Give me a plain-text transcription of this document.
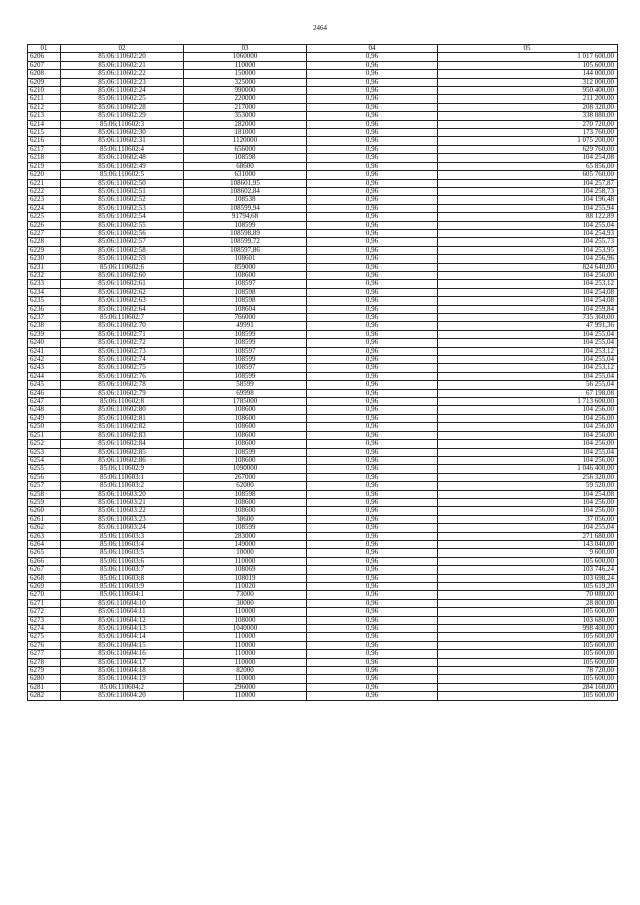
2464
01	02	03	04	05
6206	85:06:110602:20	1060000	0,96	1 017 600,00
6207	85:06:110602:21	110000	0,96	105 600,00
6208	85:06:110602:22	150000	0,96	144 000,00
6209	85:06:110602:23	325000	0,96	312 000,00
6210	85:06:110602:24	990000	0,96	950 400,00
6211	85:06:110602:25	220000	0,96	211 200,00
6212	85:06:110602:28	217000	0,96	208 320,00
6213	85:06:110602:29	353000	0,96	338 880,00
6214	85:06:110602:3	282000	0,96	270 720,00
6215	85:06:110602:30	181000	0,96	173 760,00
6216	85:06:110602:31	1120000	0,96	1 075 200,00
6217	85:06:110602:4	656000	0,96	629 760,00
6218	85:06:110602:48	108598	0,96	104 254,08
6219	85:06:110602:49	68600	0,96	65 856,00
6220	85:06:110602:5	631000	0,96	605 760,00
6221	85:06:110602:50	108601,95	0,96	104 257,87
6222	85:06:110602:51	108602,84	0,96	104 258,73
6223	85:06:110602:52	108538	0,96	104 196,48
6224	85:06:110602:53	108599,94	0,96	104 255,94
6225	85:06:110602:54	91794,68	0,96	88 122,89
6226	85:06:110602:55	108599	0,96	104 255,04
6227	85:06:110602:56	108598,89	0,96	104 254,93
6228	85:06:110602:57	108599,72	0,96	104 255,73
6229	85:06:110602:58	108597,86	0,96	104 253,95
6230	85:06:110602:59	108601	0,96	104 256,96
6231	85:06:110602:6	859000	0,96	824 640,00
6232	85:06:110602:60	108600	0,96	104 256,00
6233	85:06:110602:61	108597	0,96	104 253,12
6234	85:06:110602:62	108598	0,96	104 254,08
6235	85:06:110602:63	108598	0,96	104 254,08
6236	85:06:110602:64	108604	0,96	104 259,84
6237	85:06:110602:7	766000	0,96	735 360,00
6238	85:06:110602:70	49991	0,96	47 991,36
6239	85:06:110602:71	108599	0,96	104 255,04
6240	85:06:110602:72	108599	0,96	104 255,04
6241	85:06:110602:73	108597	0,96	104 253,12
6242	85:06:110602:74	108599	0,96	104 255,04
6243	85:06:110602:75	108597	0,96	104 253,12
6244	85:06:110602:76	108599	0,96	104 255,04
6245	85:06:110602:78	58599	0,96	56 255,04
6246	85:06:110602:79	69998	0,96	67 198,08
6247	85:06:110602:8	1785000	0,96	1 713 600,00
6248	85:06:110602:80	108600	0,96	104 256,00
6249	85:06:110602:81	108600	0,96	104 256,00
6250	85:06:110602:82	108600	0,96	104 256,00
6251	85:06:110602:83	108600	0,96	104 256,00
6252	85:06:110602:84	108600	0,96	104 256,00
6253	85:06:110602:85	108599	0,96	104 255,04
6254	85:06:110602:86	108600	0,96	104 256,00
6255	85:06:110602:9	1090000	0,96	1 046 400,00
6256	85:06:110603:1	267000	0,96	256 320,00
6257	85:06:110603:2	62000	0,96	59 520,00
6258	85:06:110603:20	108598	0,96	104 254,08
6259	85:06:110603:21	108600	0,96	104 256,00
6260	85:06:110603:22	108600	0,96	104 256,00
6261	85:06:110603:23	38600	0,96	37 056,00
6262	85:06:110603:24	108599	0,96	104 255,04
6263	85:06:110603:3	283000	0,96	271 680,00
6264	85:06:110603:4	149000	0,96	143 040,00
6265	85:06:110603:5	10000	0,96	9 600,00
6266	85:06:110603:6	110000	0,96	105 600,00
6267	85:06:110603:7	108069	0,96	103 746,24
6268	85:06:110603:8	108019	0,96	103 698,24
6269	85:06:110603:9	110020	0,96	105 619,20
6270	85:06:110604:1	73000	0,96	70 080,00
6271	85:06:110604:10	30000	0,96	28 800,00
6272	85:06:110604:11	110000	0,96	105 600,00
6273	85:06:110604:12	108000	0,96	103 680,00
6274	85:06:110604:13	1040000	0,96	998 400,00
6275	85:06:110604:14	110000	0,96	105 600,00
6276	85:06:110604:15	110000	0,96	105 600,00
6277	85:06:110604:16	110000	0,96	105 600,00
6278	85:06:110604:17	110000	0,96	105 600,00
6279	85:06:110604:18	82000	0,96	78 720,00
6280	85:06:110604:19	110000	0,96	105 600,00
6281	85:06:110604:2	296000	0,96	284 160,00
6282	85:06:110604:20	110000	0,96	105 600,00
